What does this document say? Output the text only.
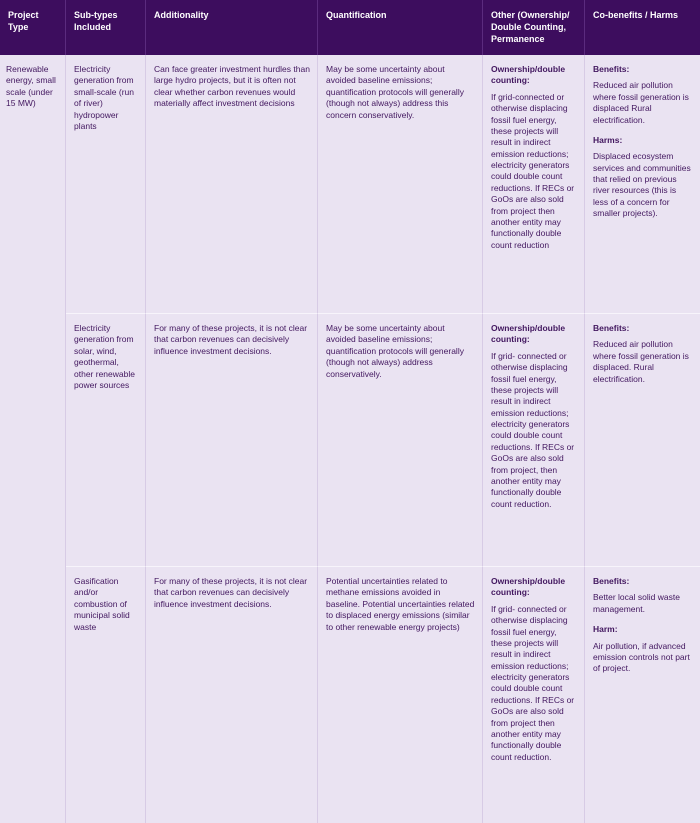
Project Type
Sub-types Included
Additionality	Quantification	Other (Ownership/ Double Counting, Permanence
Co-benefits / Harms
Renewable energy, small scale (under 15 MW)
Electricity generation from small-scale (run of river) hydropower plants
Can face greater investment hurdles than large hydro projects, but it is often not clear whether carbon revenues would materially affect investment decisions
May be some uncertainty about avoided baseline emissions; quantification protocols will generally (though not always) address this concern conservatively.

Ownership/double counting:

If grid-connected or otherwise displacing fossil fuel energy, these projects will result in indirect emission reductions; electricity generators could double count reductions. If RECs or GoOs are also sold from project then another entity may functionally double count reduction

Benefits:

Reduced air pollution where fossil generation is displaced Rural electrification.

Harms:

Displaced ecosystem services and communities that relied on previous river resources (this is less of a concern for smaller projects).

Electricity generation from solar, wind, geothermal, other renewable power sources
For many of these projects, it is not clear that carbon revenues can decisively influence investment decisions.
May be some uncertainty about avoided baseline emissions; quantification protocols will generally (though not always) address conservatively.

Ownership/double counting:

If grid- connected or otherwise displacing fossil fuel energy, these projects will result in indirect emission reductions; electricity generators could double count reductions. If RECs or GoOs are also sold from project, then another entity may functionally double count reduction.

Benefits:

Reduced air pollution where fossil generation is displaced. Rural electrification.

Gasification and/or combustion of municipal solid waste
For many of these projects, it is not clear that carbon revenues can decisively influence investment decisions.
Potential uncertainties related to methane emissions avoided in baseline. Potential uncertainties related to displaced energy emissions (similar to other renewable energy projects)

Ownership/double counting:

If grid- connected or otherwise displacing fossil fuel energy, these projects will result in indirect emission reductions; electricity generators could double count reductions. If RECs or GoOs are also sold from project then another entity may functionally double count reduction.

Benefits:

Better local solid waste management.

Harm:

Air pollution, if advanced emission controls not part of project.
